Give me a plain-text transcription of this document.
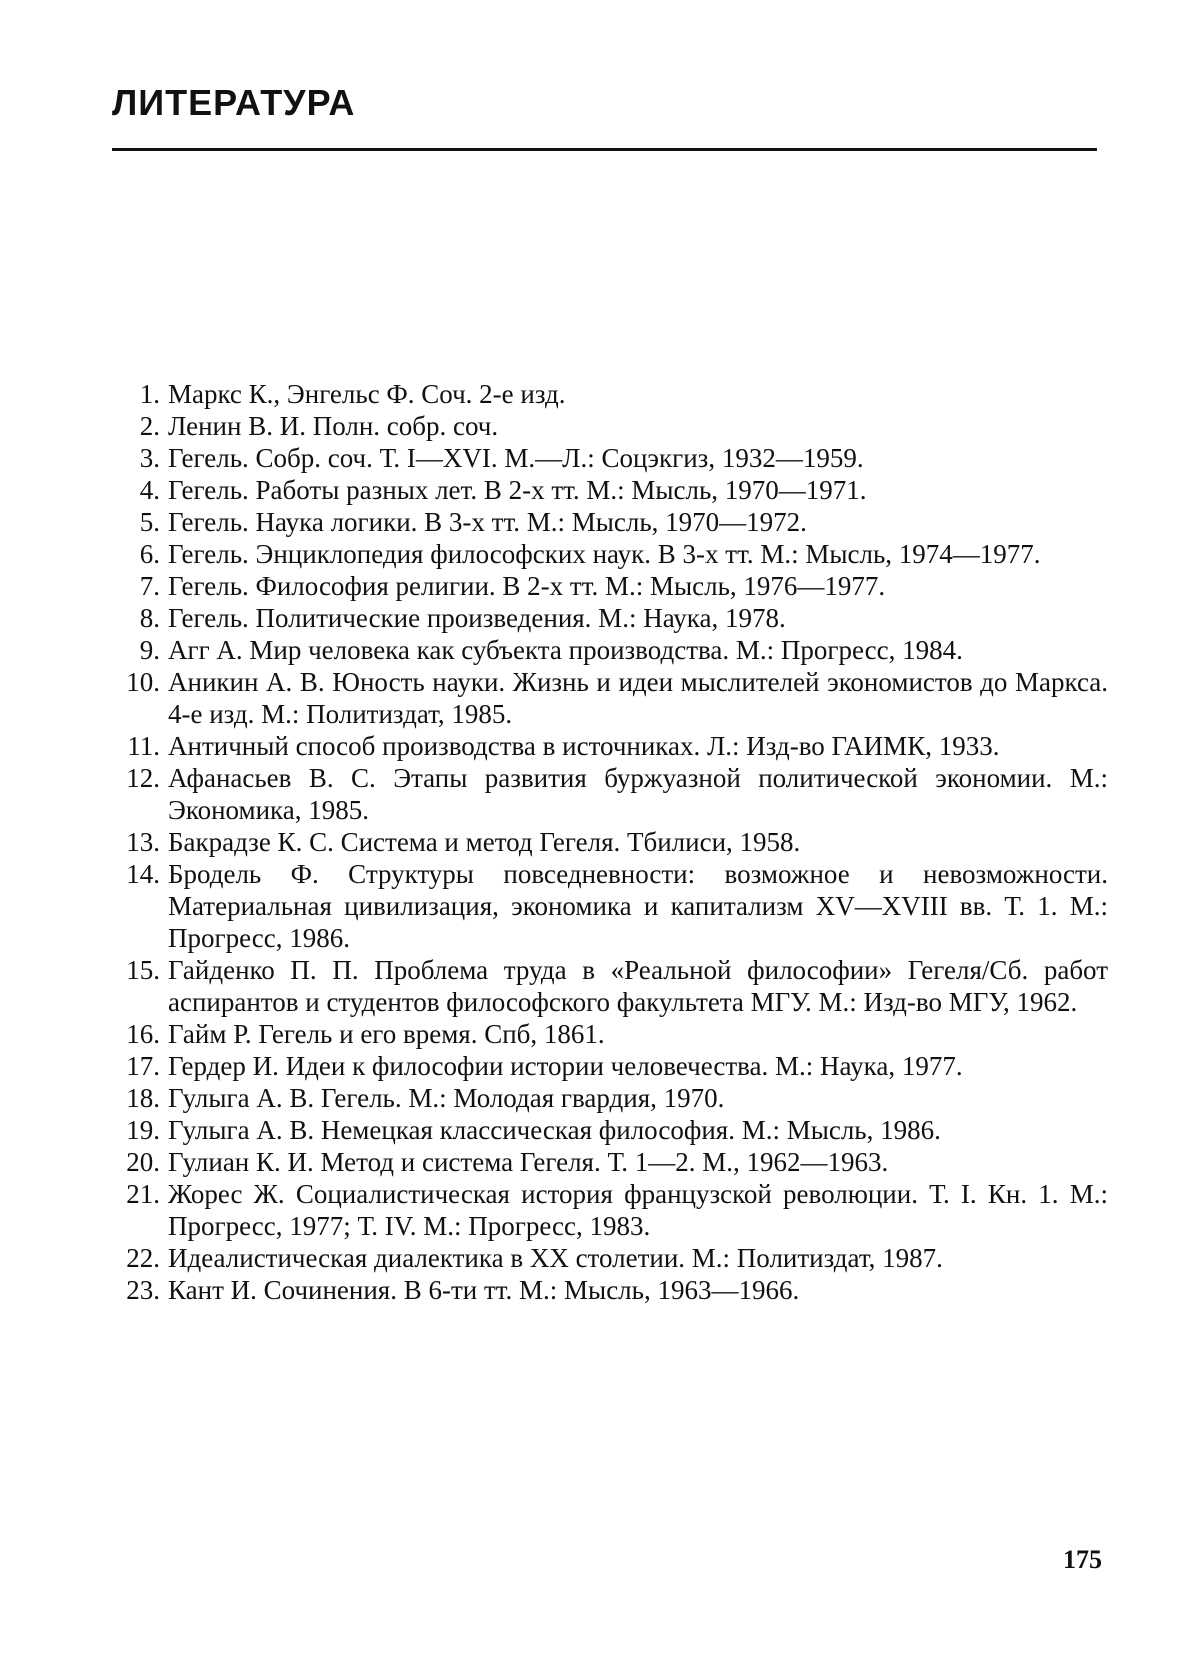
ЛИТЕРАТУРА
1. Маркс К., Энгельс Ф. Соч. 2-е изд.
2. Ленин В. И. Полн. собр. соч.
3. Гегель. Собр. соч. Т. I—XVI. М.—Л.: Соцэкгиз, 1932—1959.
4. Гегель. Работы разных лет. В 2-х тт. М.: Мысль, 1970—1971.
5. Гегель. Наука логики. В 3-х тт. М.: Мысль, 1970—1972.
6. Гегель. Энциклопедия философских наук. В 3-х тт. М.: Мысль, 1974—1977.
7. Гегель. Философия религии. В 2-х тт. М.: Мысль, 1976—1977.
8. Гегель. Политические произведения. М.: Наука, 1978.
9. Агг А. Мир человека как субъекта производства. М.: Прогресс, 1984.
10. Аникин А. В. Юность науки. Жизнь и идеи мыслителей экономистов до Маркса. 4-е изд. М.: Политиздат, 1985.
11. Античный способ производства в источниках. Л.: Изд-во ГАИМК, 1933.
12. Афанасьев В. С. Этапы развития буржуазной политической экономии. М.: Экономика, 1985.
13. Бакрадзе К. С. Система и метод Гегеля. Тбилиси, 1958.
14. Бродель Ф. Структуры повседневности: возможное и невозможности. Материальная цивилизация, экономика и капитализм XV—XVIII вв. Т. 1. М.: Прогресс, 1986.
15. Гайденко П. П. Проблема труда в «Реальной философии» Гегеля/Сб. работ аспирантов и студентов философского факультета МГУ. М.: Изд-во МГУ, 1962.
16. Гайм Р. Гегель и его время. Спб, 1861.
17. Гердер И. Идеи к философии истории человечества. М.: Наука, 1977.
18. Гулыга А. В. Гегель. М.: Молодая гвардия, 1970.
19. Гулыга А. В. Немецкая классическая философия. М.: Мысль, 1986.
20. Гулиан К. И. Метод и система Гегеля. Т. 1—2. М., 1962—1963.
21. Жорес Ж. Социалистическая история французской революции. Т. I. Кн. 1. М.: Прогресс, 1977; Т. IV. М.: Прогресс, 1983.
22. Идеалистическая диалектика в XX столетии. М.: Политиздат, 1987.
23. Кант И. Сочинения. В 6-ти тт. М.: Мысль, 1963—1966.
175
